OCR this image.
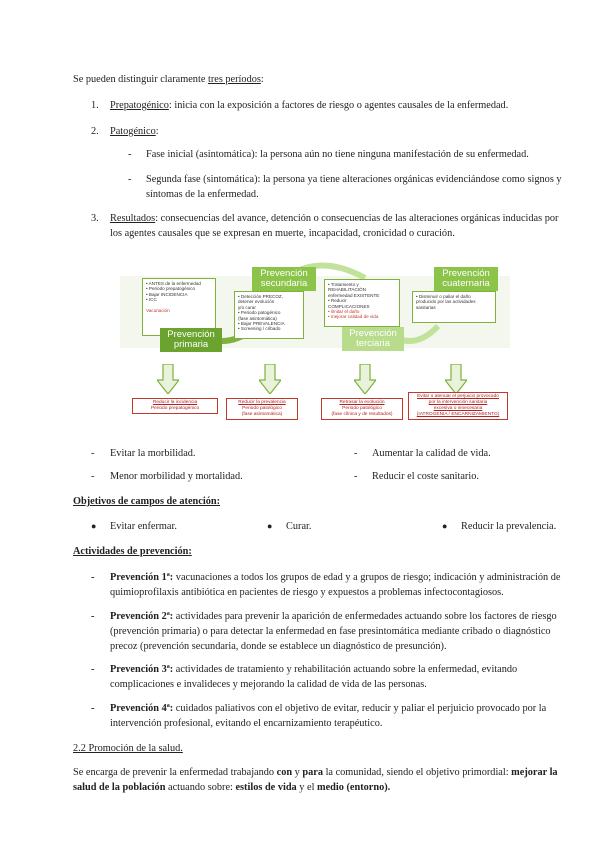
Se pueden distinguir claramente tres períodos:
1. Prepatogénico: inicia con la exposición a factores de riesgo o agentes causales de la enfermedad.
2. Patogénico:
- Fase inicial (asintomática): la persona aún no tiene ninguna manifestación de su enfermedad.
- Segunda fase (sintomática): la persona ya tiene alteraciones orgánicas evidenciándose como signos y
síntomas de la enfermedad.
3. Resultados: consecuencias del avance, detención o consecuencias de las alteraciones orgánicas inducidas por
los agentes causales que se expresan en muerte, incapacidad, cronicidad o curación.
• ANTES de la enfermedad
• Periodo prepatogénico
• Bajar INCIDENCIA
• ICC
Vacunación
Prevención primaria
Prevención secundaria
• Detección PRECOZ,
detener evolución
y/o curar
• Periodo patogénico
(fase asintomática)
• Bajar PREVALENCIA
• Screening / cribado
• Tratamiento y
REHABILITACIÓN
enfermedad EXISTENTE
• Reducir
COMPLICACIONES
• limitar el daño
• mejorar calidad de vida
Prevención terciaria
Prevención cuaternaria
• Disminuir o paliar el daño
producido por las actividades
sanitarias
Reducir la incidencia
Periodo prepatogénico
Reducir la prevalencia
Periodo patológico
(fase asintomática)
Retrasar la evolución
Periodo patológico
(fase clínica y de resultados)
Evitar o atenuar el perjuicio provocado
por la intervención sanitaria
excesiva o innecesaria
(IATROGENIA / ENCARNIZAMIENTO)
- Evitar la morbilidad.
- Menor morbilidad y mortalidad.
- Aumentar la calidad de vida.
- Reducir el coste sanitario.
Objetivos de campos de atención:
● Evitar enfermar.	● Curar.	● Reducir la prevalencia.
Actividades de prevención:
- Prevención 1ª: vacunaciones a todos los grupos de edad y a grupos de riesgo; indicación y administración de
quimioprofilaxis antibiótica en pacientes de riesgo y expuestos a problemas infectocontagiosos.
- Prevención 2ª: actividades para prevenir la aparición de enfermedades actuando sobre los factores de riesgo
(prevención primaria) o para detectar la enfermedad en fase presintomática mediante cribado o diagnóstico
precoz (prevención secundaria, donde se establece un diagnóstico de presunción).
- Prevención 3ª: actividades de tratamiento y rehabilitación actuando sobre la enfermedad, evitando
complicaciones e invalideces y mejorando la calidad de vida de las personas.
- Prevención 4ª: cuidados paliativos con el objetivo de evitar, reducir y paliar el perjuicio provocado por la
intervención profesional, evitando el encarnizamiento terapéutico.
2.2 Promoción de la salud.
Se encarga de prevenir la enfermedad trabajando con y para la comunidad, siendo el objetivo primordial: mejorar la
salud de la población actuando sobre: estilos de vida y el medio (entorno).
